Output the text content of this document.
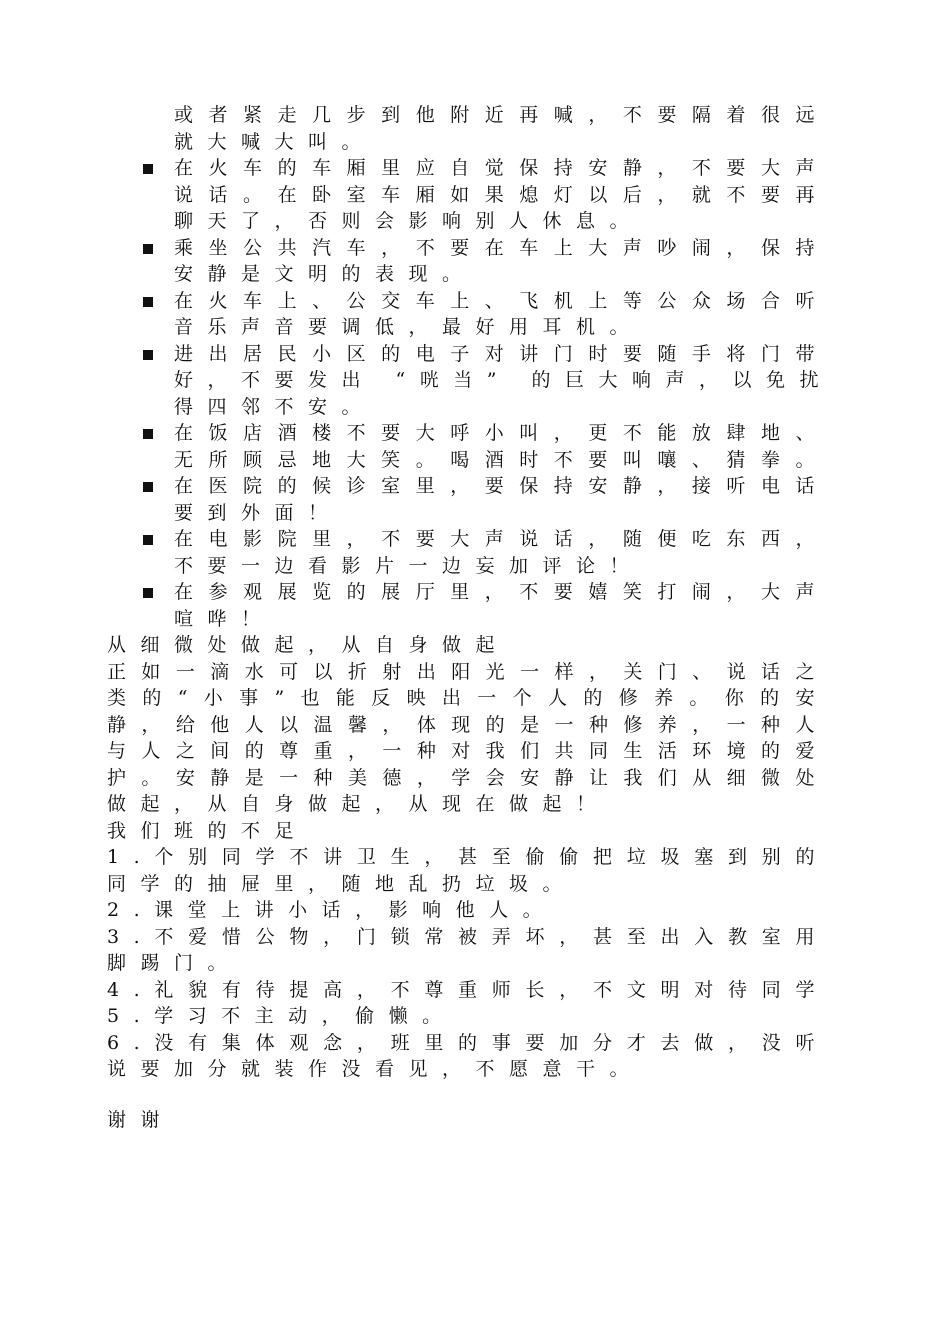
或者紧走几步到他附近再喊，不要隔着很远
就大喊大叫。
在火车的车厢里应自觉保持安静，不要大声
说话。在卧室车厢如果熄灯以后，就不要再
聊天了，否则会影响别人休息。
乘坐公共汽车，不要在车上大声吵闹，保持
安静是文明的表现。
在火车上、公交车上、飞机上等公众场合听
音乐声音要调低，最好用耳机。
进出居民小区的电子对讲门时要随手将门带
好，不要发出 “咣当” 的巨大响声，以免扰
得四邻不安。
在饭店酒楼不要大呼小叫，更不能放肆地、
无所顾忌地大笑。喝酒时不要叫嚷、猜拳。
在医院的候诊室里，要保持安静，接听电话
要到外面！
在电影院里，不要大声说话，随便吃东西，
不要一边看影片一边妄加评论！
在参观展览的展厅里，不要嬉笑打闹，大声
喧哗！
从细微处做起，从自身做起
正如一滴水可以折射出阳光一样，关门、说话之
类的“小事”也能反映出一个人的修养。你的安
静，给他人以温馨，体现的是一种修养，一种人
与人之间的尊重，一种对我们共同生活环境的爱
护。安静是一种美德，学会安静让我们从细微处
做起，从自身做起，从现在做起！
我们班的不足
1.个别同学不讲卫生，甚至偷偷把垃圾塞到别的
同学的抽屉里，随地乱扔垃圾。
2.课堂上讲小话，影响他人。
3.不爱惜公物，门锁常被弄坏，甚至出入教室用
脚踢门。
4.礼貌有待提高，不尊重师长，不文明对待同学
5.学习不主动，偷懒。
6.没有集体观念，班里的事要加分才去做，没听
说要加分就装作没看见，不愿意干。
谢谢
